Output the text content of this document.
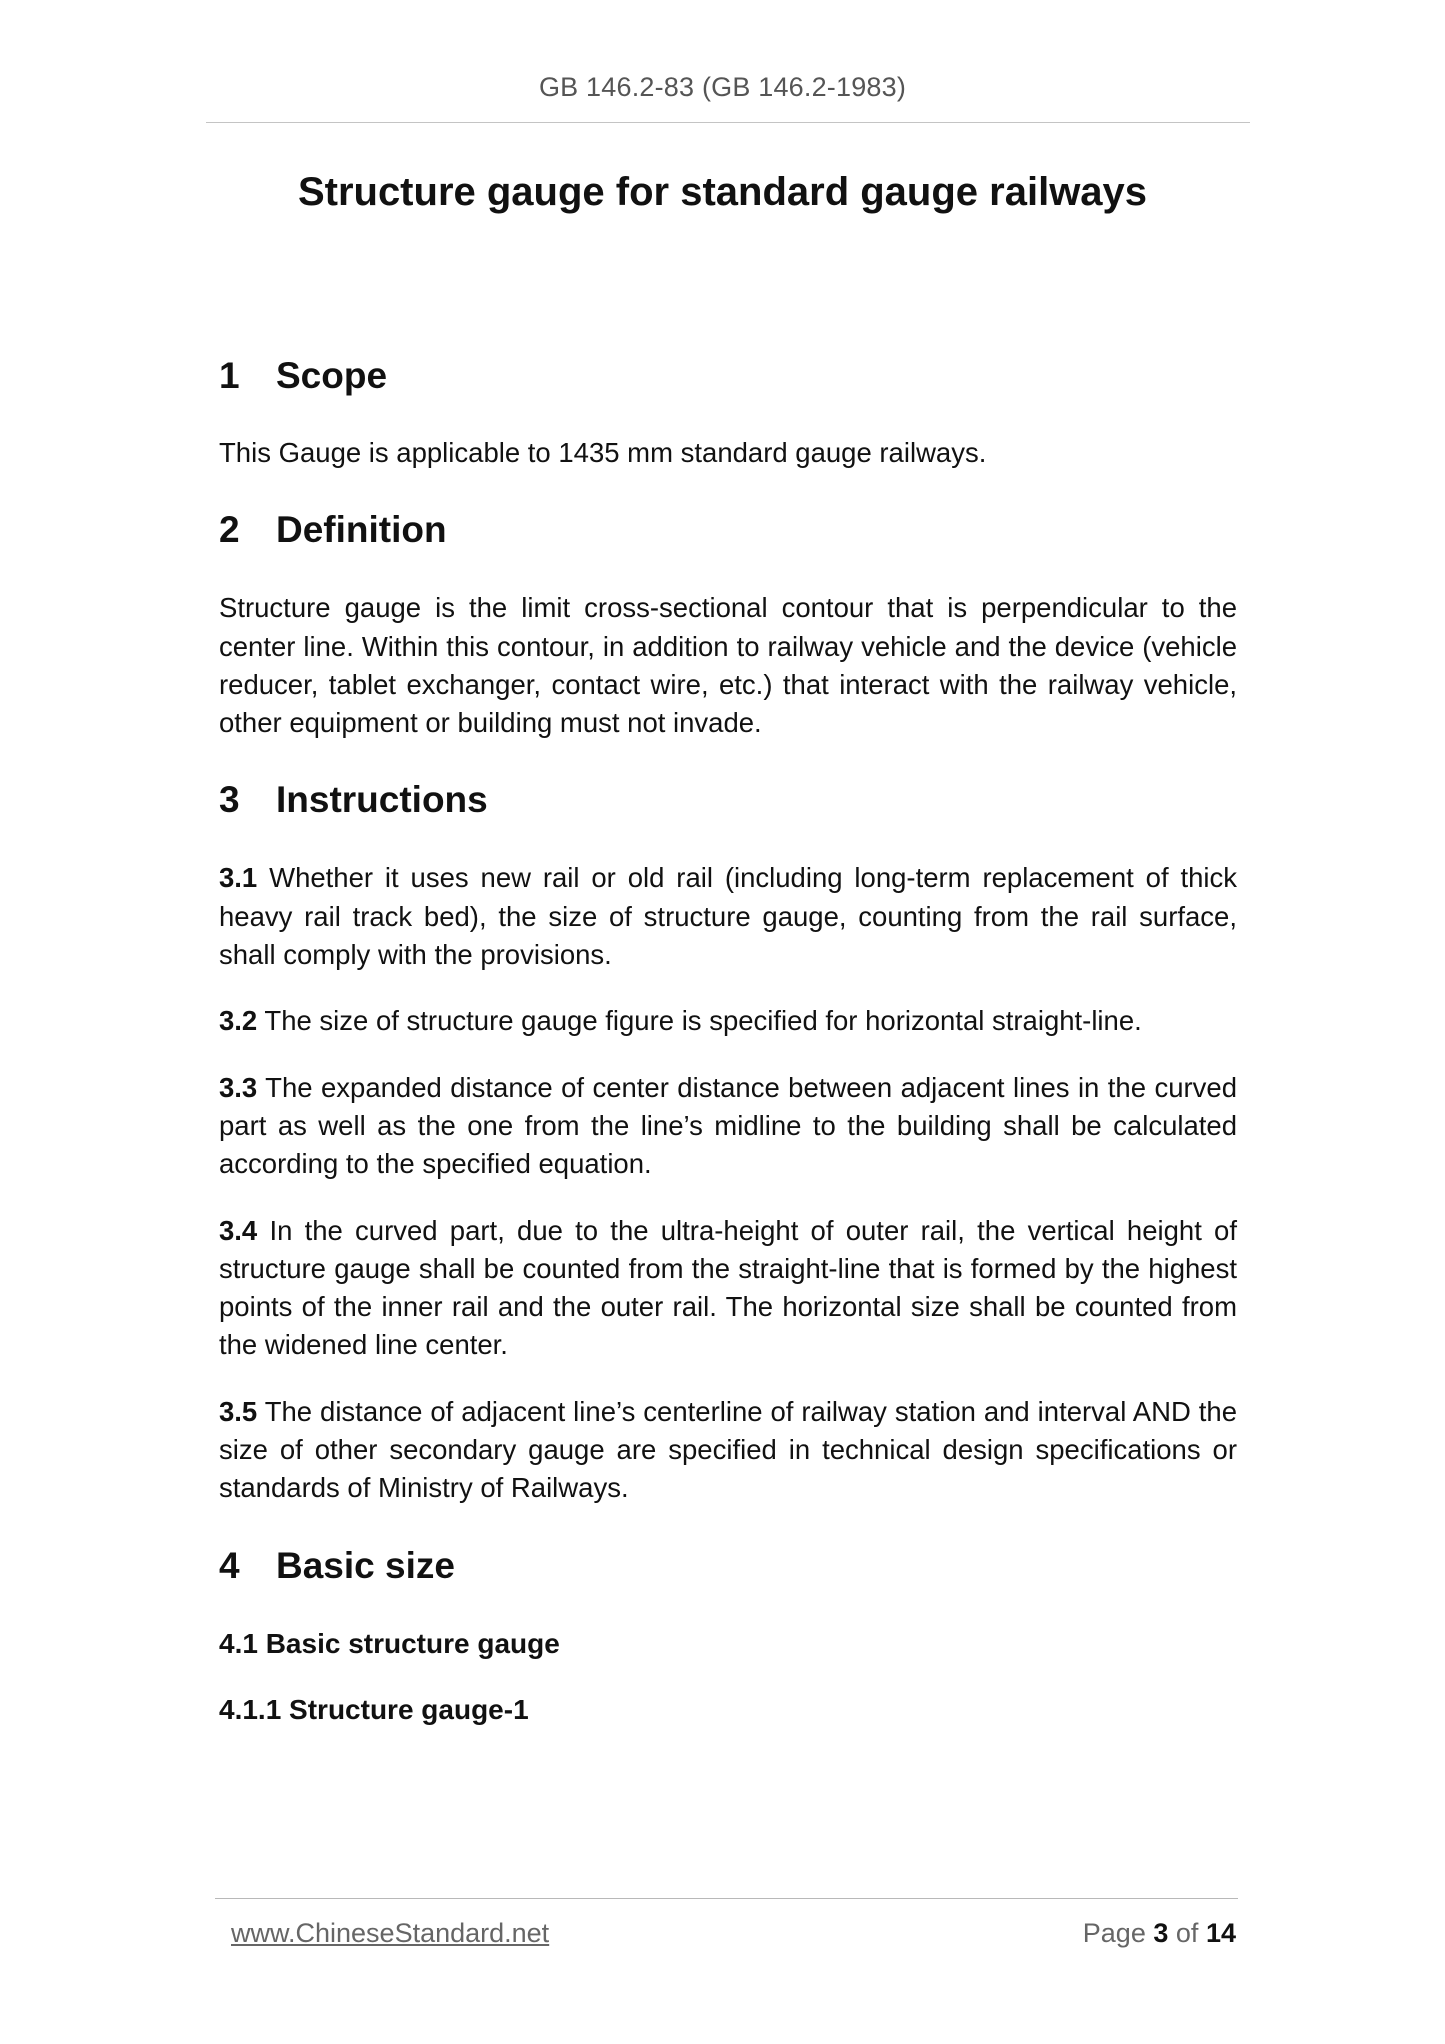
GB 146.2-83 (GB 146.2-1983)
Structure gauge for standard gauge railways
1 Scope

This Gauge is applicable to 1435 mm standard gauge railways.

2 Definition

Structure gauge is the limit cross-sectional contour that is perpendicular to the center line. Within this contour, in addition to railway vehicle and the device (vehicle reducer, tablet exchanger, contact wire, etc.) that interact with the railway vehicle, other equipment or building must not invade.

3 Instructions

3.1 Whether it uses new rail or old rail (including long-term replacement of thick heavy rail track bed), the size of structure gauge, counting from the rail surface, shall comply with the provisions.

3.2 The size of structure gauge figure is specified for horizontal straight-line.

3.3 The expanded distance of center distance between adjacent lines in the curved part as well as the one from the line’s midline to the building shall be calculated according to the specified equation.

3.4 In the curved part, due to the ultra-height of outer rail, the vertical height of structure gauge shall be counted from the straight-line that is formed by the highest points of the inner rail and the outer rail. The horizontal size shall be counted from the widened line center.

3.5 The distance of adjacent line’s centerline of railway station and interval AND the size of other secondary gauge are specified in technical design specifications or standards of Ministry of Railways.

4 Basic size
4.1 Basic structure gauge
4.1.1 Structure gauge-1
www.ChineseStandard.net	Page 3 of 14
